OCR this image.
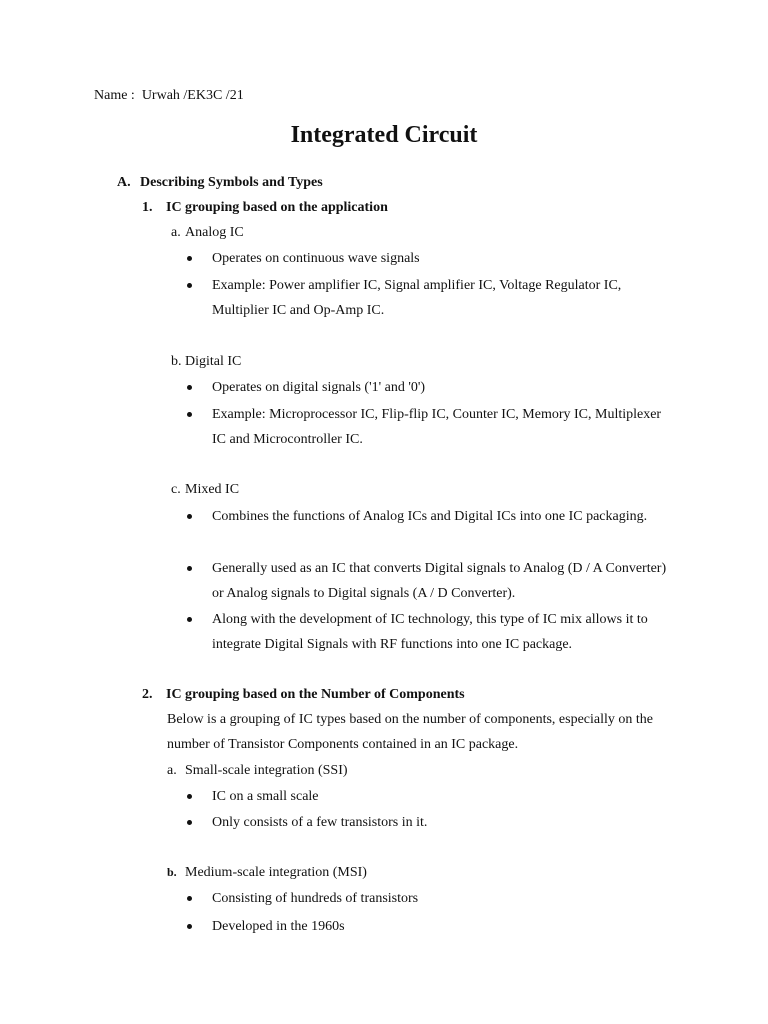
Name :  Urwah /EK3C /21
Integrated Circuit
A. Describing Symbols and Types
1. IC grouping based on the application
a. Analog IC
Operates on continuous wave signals
Example: Power amplifier IC, Signal amplifier IC, Voltage Regulator IC, Multiplier IC and Op-Amp IC.
b. Digital IC
Operates on digital signals ('1' and '0')
Example: Microprocessor IC, Flip-flip IC, Counter IC, Memory IC, Multiplexer IC and Microcontroller IC.
c. Mixed IC
Combines the functions of Analog ICs and Digital ICs into one IC packaging.
Generally used as an IC that converts Digital signals to Analog (D / A Converter) or Analog signals to Digital signals (A / D Converter).
Along with the development of IC technology, this type of IC mix allows it to integrate Digital Signals with RF functions into one IC package.
2. IC grouping based on the Number of Components
Below is a grouping of IC types based on the number of components, especially on the number of Transistor Components contained in an IC package.
a. Small-scale integration (SSI)
IC on a small scale
Only consists of a few transistors in it.
b. Medium-scale integration (MSI)
Consisting of hundreds of transistors
Developed in the 1960s
